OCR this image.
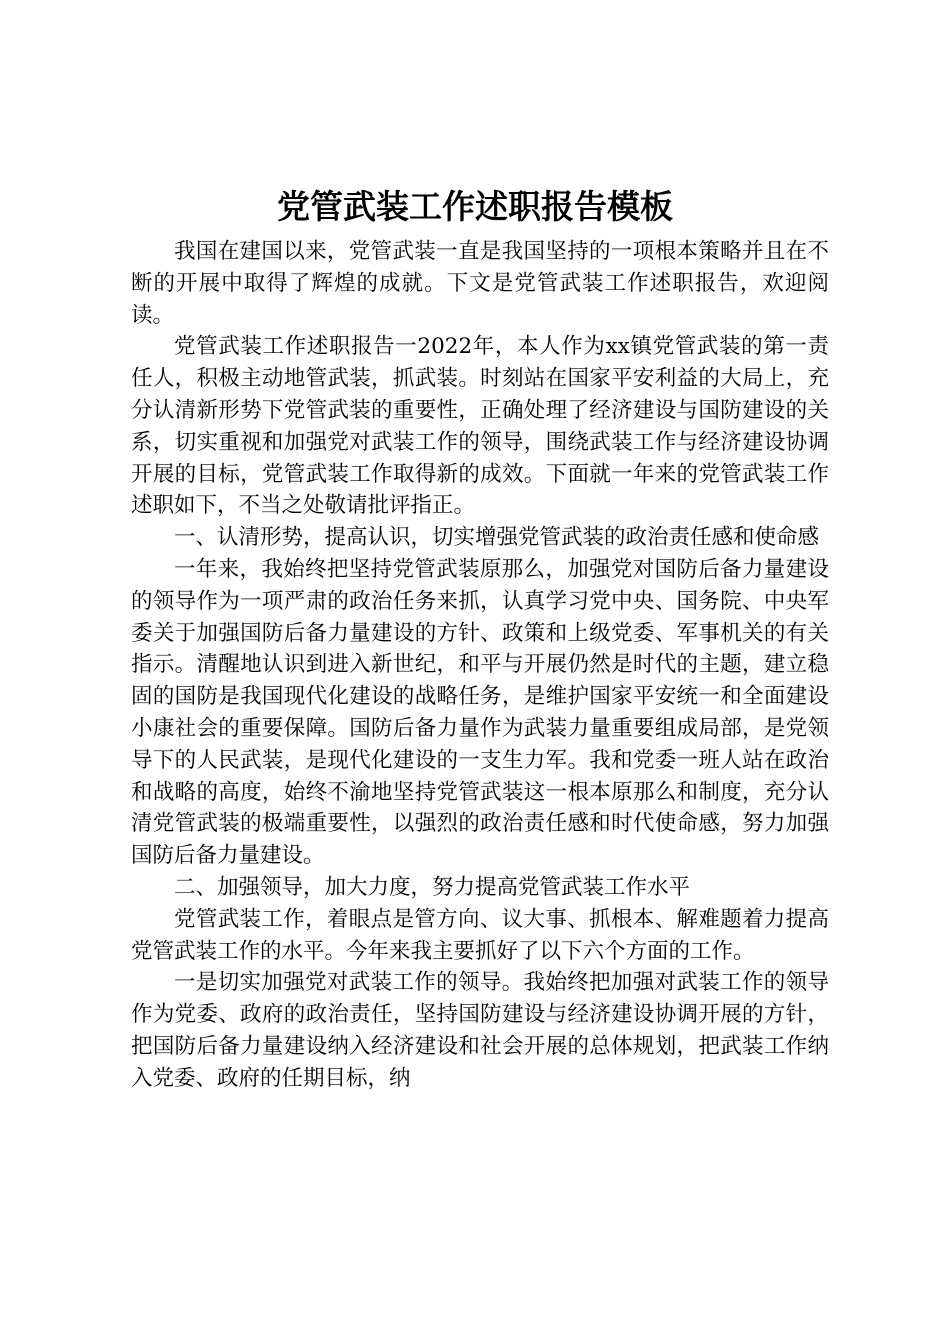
党管武装工作述职报告模板

我国在建国以来，党管武装一直是我国坚持的一项根本策略并且在不断的开展中取得了辉煌的成就。下文是党管武装工作述职报告，欢迎阅读。

党管武装工作述职报告一2022年，本人作为xx镇党管武装的第一责任人，积极主动地管武装，抓武装。时刻站在国家平安利益的大局上，充分认清新形势下党管武装的重要性，正确处理了经济建设与国防建设的关系，切实重视和加强党对武装工作的领导，围绕武装工作与经济建设协调开展的目标，党管武装工作取得新的成效。下面就一年来的党管武装工作述职如下，不当之处敬请批评指正。

一、认清形势，提高认识，切实增强党管武装的政治责任感和使命感

一年来，我始终把坚持党管武装原那么，加强党对国防后备力量建设的领导作为一项严肃的政治任务来抓，认真学习党中央、国务院、中央军委关于加强国防后备力量建设的方针、政策和上级党委、军事机关的有关指示。清醒地认识到进入新世纪，和平与开展仍然是时代的主题，建立稳固的国防是我国现代化建设的战略任务，是维护国家平安统一和全面建设小康社会的重要保障。国防后备力量作为武装力量重要组成局部，是党领导下的人民武装，是现代化建设的一支生力军。我和党委一班人站在政治和战略的高度，始终不渝地坚持党管武装这一根本原那么和制度，充分认清党管武装的极端重要性，以强烈的政治责任感和时代使命感，努力加强国防后备力量建设。

二、加强领导，加大力度，努力提高党管武装工作水平

党管武装工作，着眼点是管方向、议大事、抓根本、解难题着力提高党管武装工作的水平。今年来我主要抓好了以下六个方面的工作。

一是切实加强党对武装工作的领导。我始终把加强对武装工作的领导作为党委、政府的政治责任，坚持国防建设与经济建设协调开展的方针，把国防后备力量建设纳入经济建设和社会开展的总体规划，把武装工作纳入党委、政府的任期目标，纳
